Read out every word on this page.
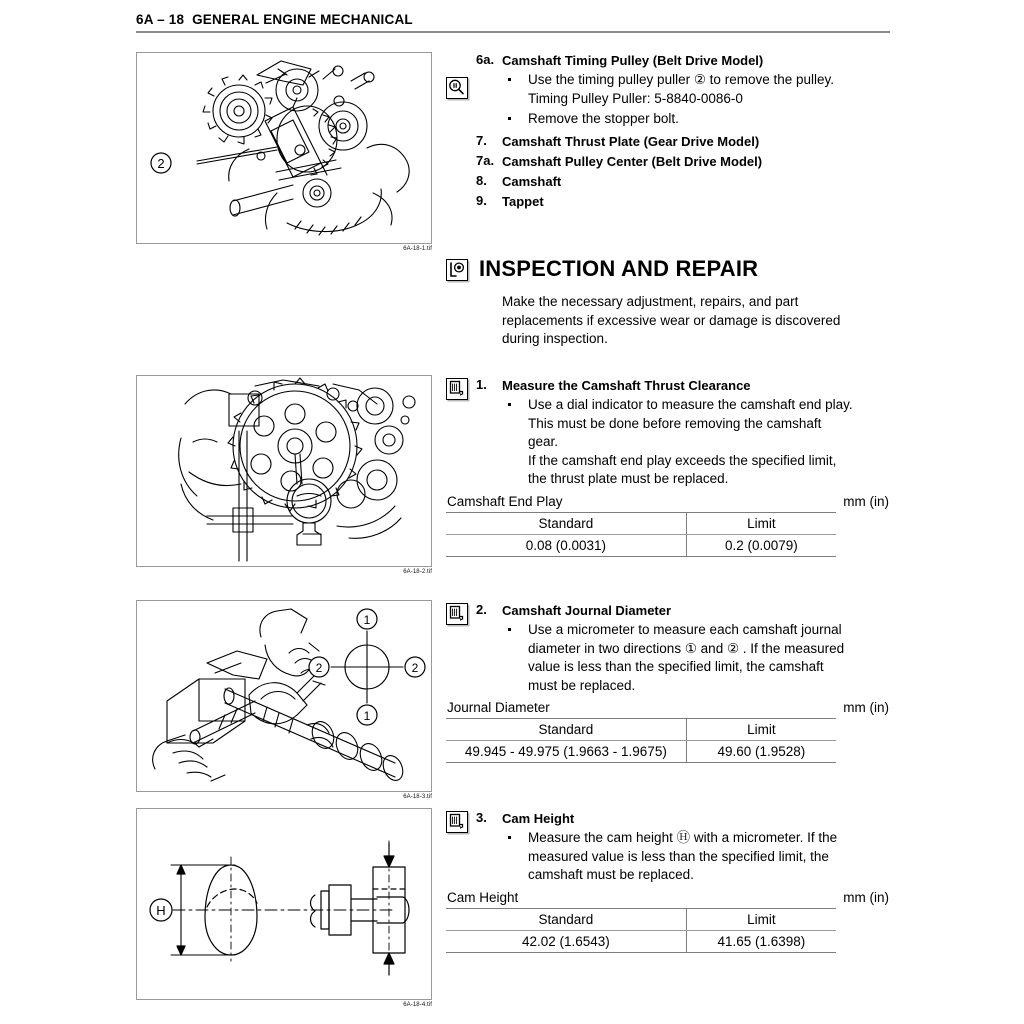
6A – 18 GENERAL ENGINE MECHANICAL
2
6A-18-1.tif
6A-18-2.tif
1
1
2	2
6A-18-3.tif
H
6A-18-4.tif
6a. Camshaft Timing Pulley (Belt Drive Model)
Use the timing pulley puller ② to remove the pulley.
Timing Pulley Puller: 5-8840-0086-0
Remove the stopper bolt.
7. Camshaft Thrust Plate (Gear Drive Model)
7a. Camshaft Pulley Center (Belt Drive Model)
8. Camshaft
9. Tappet
INSPECTION AND REPAIR
Make the necessary adjustment, repairs, and part
replacements if excessive wear or damage is discovered
during inspection.
1. Measure the Camshaft Thrust Clearance
Use a dial indicator to measure the camshaft end play.
This must be done before removing the camshaft
gear.
If the camshaft end play exceeds the specified limit,
the thrust plate must be replaced.
Camshaft End Play	mm (in)
Standard	Limit
0.08 (0.0031)	0.2 (0.0079)
2. Camshaft Journal Diameter
Use a micrometer to measure each camshaft journal
diameter in two directions ① and ② . If the measured
value is less than the specified limit, the camshaft
must be replaced.
Journal Diameter	mm (in)
Standard	Limit
49.945 - 49.975 (1.9663 - 1.9675)	49.60 (1.9528)
3. Cam Height
Measure the cam height Ⓗ with a micrometer. If the
measured value is less than the specified limit, the
camshaft must be replaced.
Cam Height	mm (in)
Standard	Limit
42.02 (1.6543)	41.65 (1.6398)
